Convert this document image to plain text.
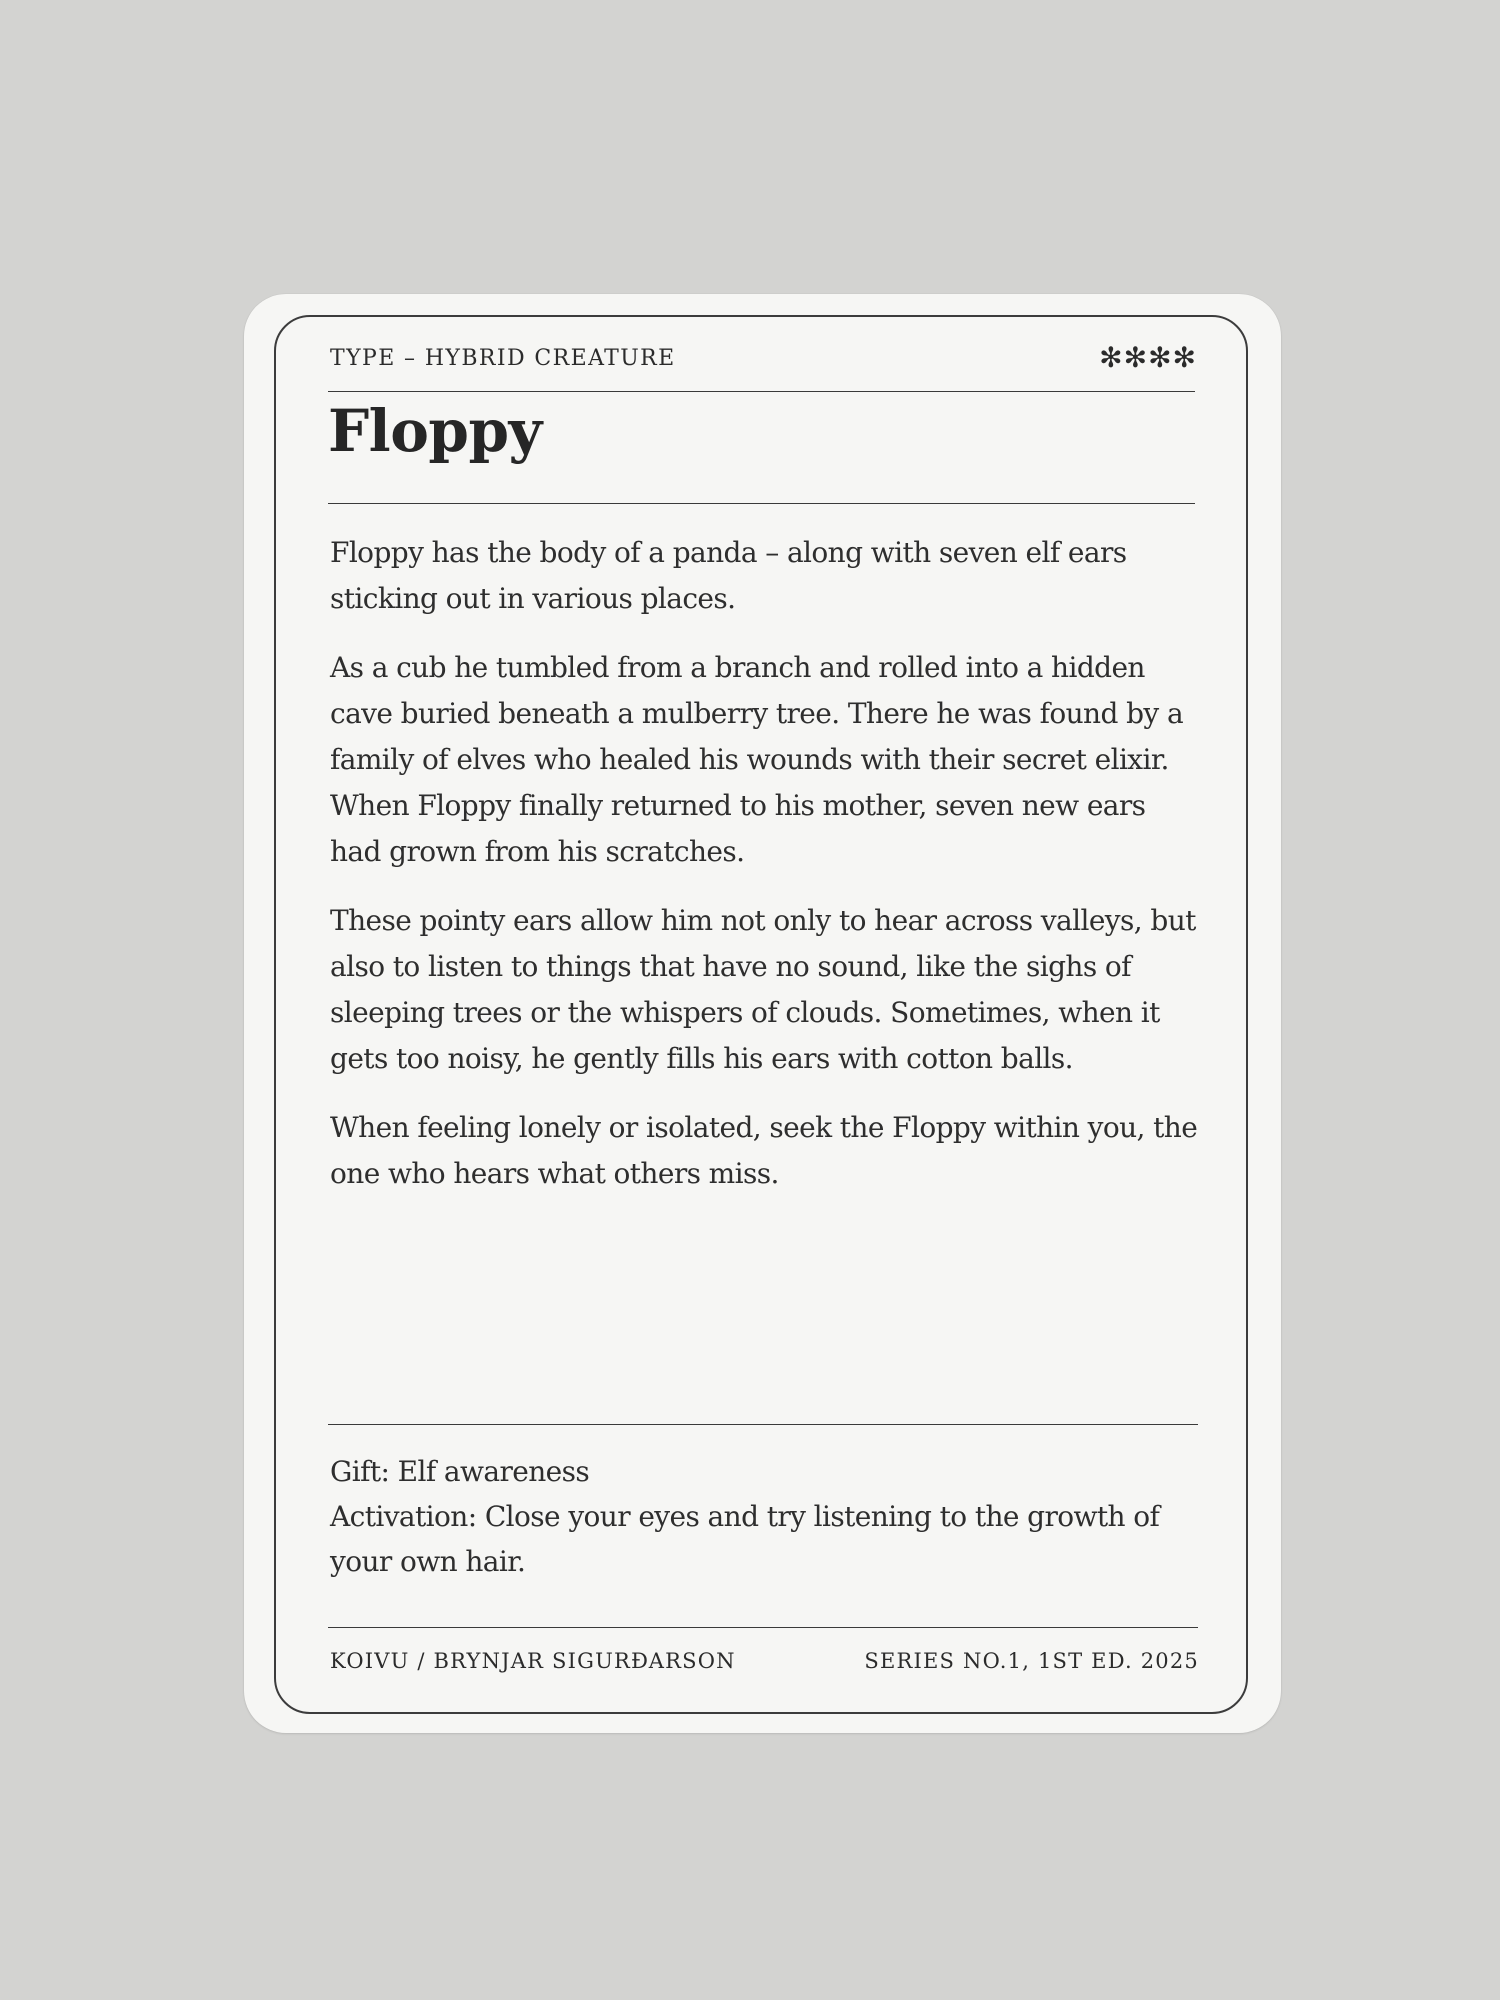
TYPE – HYBRID CREATURE	✻✻✻✻
Floppy

Floppy has the body of a panda – along with seven elf ears sticking out in various places.

As a cub he tumbled from a branch and rolled into a hidden cave buried beneath a mulberry tree. There he was found by a family of elves who healed his wounds with their secret elixir. When Floppy finally returned to his mother, seven new ears had grown from his scratches.

These pointy ears allow him not only to hear across valleys, but also to listen to things that have no sound, like the sighs of sleeping trees or the whispers of clouds. Sometimes, when it gets too noisy, he gently fills his ears with cotton balls.

When feeling lonely or isolated, seek the Floppy within you, the one who hears what others miss.

Gift: Elf awareness
Activation: Close your eyes and try listening to the growth of your own hair.
KOIVU / BRYNJAR SIGURÐARSON	SERIES NO.1, 1ST ED. 2025
